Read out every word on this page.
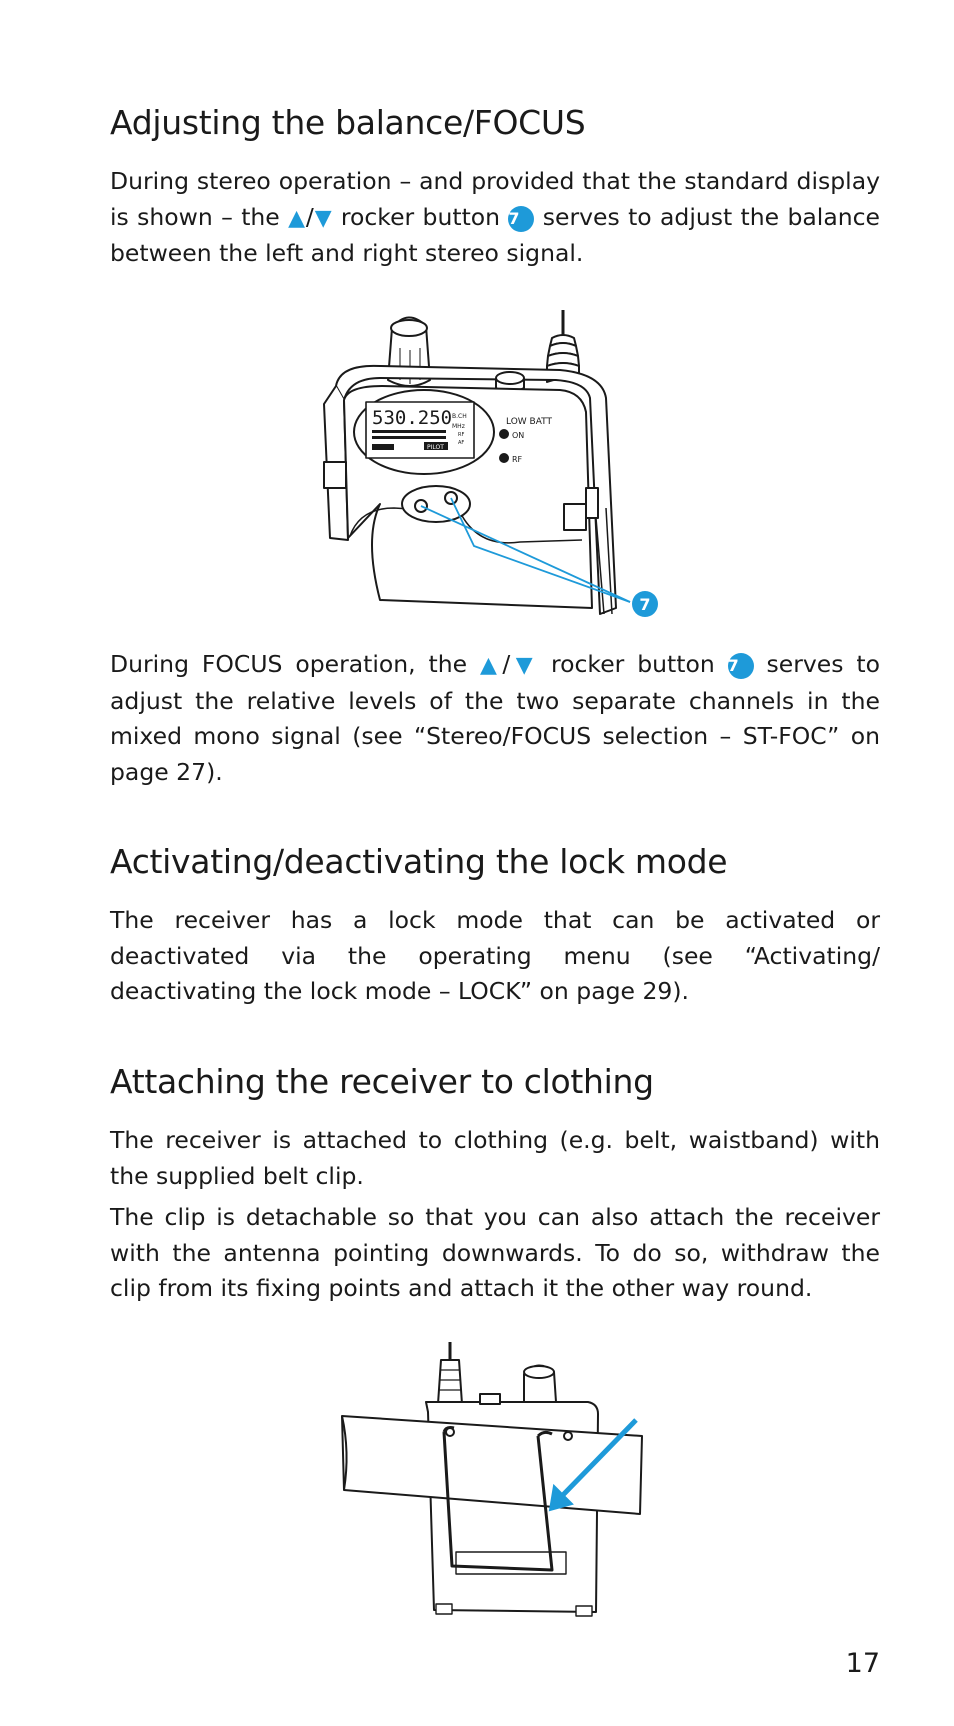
Adjusting the balance/FOCUS

During stereo operation – and provided that the standard display is shown – the ▲/▼ rocker button 7 serves to adjust the balance between the left and right stereo signal.

530.250 B.CH
MHz
RF
AF
PILOT
LOW BATT
ON
RF
7

During FOCUS operation, the ▲/▼ rocker button 7 serves to adjust the relative levels of the two separate channels in the mixed mono signal (see “Stereo/FOCUS selection – ST-FOC” on page 27).

Activating/deactivating the lock mode

The receiver has a lock mode that can be activated or deactivated via the operating menu (see “Activating/ deactivating the lock mode – LOCK” on page 29).

Attaching the receiver to clothing

The receiver is attached to clothing (e.g. belt, waistband) with the supplied belt clip.

The clip is detachable so that you can also attach the receiver with the antenna pointing downwards. To do so, withdraw the clip from its fixing points and attach it the other way round.

17
